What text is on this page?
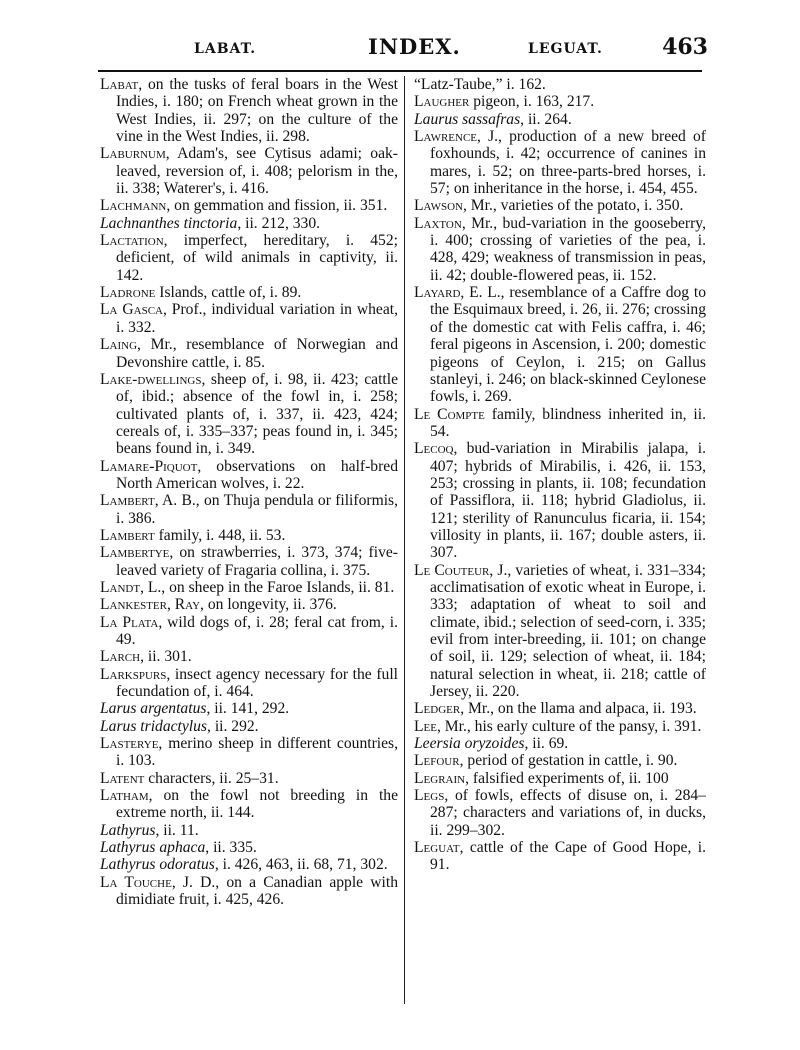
LABAT.	INDEX.	LEGUAT.	463

Labat, on the tusks of feral boars in the West Indies, i. 180; on French wheat grown in the West Indies, ii. 297; on the culture of the vine in the West Indies, ii. 298.

Laburnum, Adam's, see Cytisus adami; oak-leaved, reversion of, i. 408; pelorism in the, ii. 338; Waterer's, i. 416.

Lachmann, on gemmation and fission, ii. 351.

Lachnanthes tinctoria, ii. 212, 330.

Lactation, imperfect, hereditary, i. 452; deficient, of wild animals in captivity, ii. 142.

Ladrone Islands, cattle of, i. 89.

La Gasca, Prof., individual variation in wheat, i. 332.

Laing, Mr., resemblance of Norwegian and Devonshire cattle, i. 85.

Lake-dwellings, sheep of, i. 98, ii. 423; cattle of, ibid.; absence of the fowl in, i. 258; cultivated plants of, i. 337, ii. 423, 424; cereals of, i. 335–337; peas found in, i. 345; beans found in, i. 349.

Lamare-Piquot, observations on half-bred North American wolves, i. 22.

Lambert, A. B., on Thuja pendula or filiformis, i. 386.

Lambert family, i. 448, ii. 53.

Lambertye, on strawberries, i. 373, 374; five-leaved variety of Fragaria collina, i. 375.

Landt, L., on sheep in the Faroe Islands, ii. 81.

Lankester, Ray, on longevity, ii. 376.

La Plata, wild dogs of, i. 28; feral cat from, i. 49.

Larch, ii. 301.

Larkspurs, insect agency necessary for the full fecundation of, i. 464.

Larus argentatus, ii. 141, 292.

Larus tridactylus, ii. 292.

Lasterye, merino sheep in different countries, i. 103.

Latent characters, ii. 25–31.

Latham, on the fowl not breeding in the extreme north, ii. 144.

Lathyrus, ii. 11.

Lathyrus aphaca, ii. 335.

Lathyrus odoratus, i. 426, 463, ii. 68, 71, 302.

La Touche, J. D., on a Canadian apple with dimidiate fruit, i. 425, 426.

“Latz-Taube,” i. 162.

Laugher pigeon, i. 163, 217.

Laurus sassafras, ii. 264.

Lawrence, J., production of a new breed of foxhounds, i. 42; occurrence of canines in mares, i. 52; on three-parts-bred horses, i. 57; on inheritance in the horse, i. 454, 455.

Lawson, Mr., varieties of the potato, i. 350.

Laxton, Mr., bud-variation in the gooseberry, i. 400; crossing of varieties of the pea, i. 428, 429; weakness of transmission in peas, ii. 42; double-flowered peas, ii. 152.

Layard, E. L., resemblance of a Caffre dog to the Esquimaux breed, i. 26, ii. 276; crossing of the domestic cat with Felis caffra, i. 46; feral pigeons in Ascension, i. 200; domestic pigeons of Ceylon, i. 215; on Gallus stanleyi, i. 246; on black-skinned Ceylonese fowls, i. 269.

Le Compte family, blindness inherited in, ii. 54.

Lecoq, bud-variation in Mirabilis jalapa, i. 407; hybrids of Mirabilis, i. 426, ii. 153, 253; crossing in plants, ii. 108; fecundation of Passiflora, ii. 118; hybrid Gladiolus, ii. 121; sterility of Ranunculus ficaria, ii. 154; villosity in plants, ii. 167; double asters, ii. 307.

Le Couteur, J., varieties of wheat, i. 331–334; acclimatisation of exotic wheat in Europe, i. 333; adaptation of wheat to soil and climate, ibid.; selection of seed-corn, i. 335; evil from inter-breeding, ii. 101; on change of soil, ii. 129; selection of wheat, ii. 184; natural selection in wheat, ii. 218; cattle of Jersey, ii. 220.

Ledger, Mr., on the llama and alpaca, ii. 193.

Lee, Mr., his early culture of the pansy, i. 391.

Leersia oryzoides, ii. 69.

Lefour, period of gestation in cattle, i. 90.

Legrain, falsified experiments of, ii. 100

Legs, of fowls, effects of disuse on, i. 284–287; characters and variations of, in ducks, ii. 299–302.

Leguat, cattle of the Cape of Good Hope, i. 91.
